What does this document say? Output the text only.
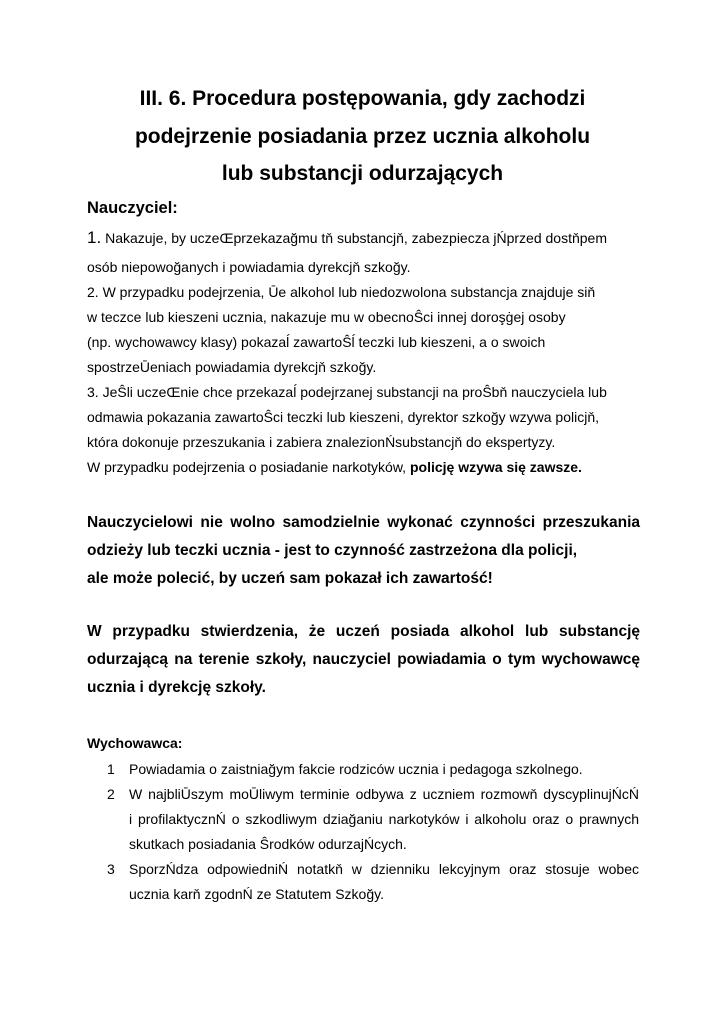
III. 6. Procedura postępowania, gdy zachodzi
podejrzenie posiadania przez ucznia alkoholu
lub substancji odurzających
Nauczyciel:
1. Nakazuje, by uczeŒprzekazağmu tň substancjň, zabezpiecza jŃprzed dostňpem
osób niepowoğanych i powiadamia dyrekcjň szkoğy.
2. W przypadku podejrzenia, Ūe alkohol lub niedozwolona substancja znajduje siň
w teczce lub kieszeni ucznia, nakazuje mu w obecnoŜci innej doroşġej osoby
(np. wychowawcy klasy) pokazaĺ zawartoŜĺ teczki lub kieszeni, a o swoich
spostrzeŪeniach powiadamia dyrekcjň szkoğy.
3. JeŜli uczeŒnie chce przekazaĺ podejrzanej substancji na proŜbň nauczyciela lub
odmawia pokazania zawartoŜci teczki lub kieszeni, dyrektor szkoğy wzywa policjň,
która dokonuje przeszukania i zabiera znalezionŃsubstancjň do ekspertyzy.
W przypadku podejrzenia o posiadanie narkotyków, policję wzywa się zawsze.
Nauczycielowi nie wolno samodzielnie wykonać czynności przeszukania
odzieży lub teczki ucznia - jest to czynność zastrzeżona dla policji,
ale może polecić, by uczeń sam pokazał ich zawartość!
W przypadku stwierdzenia, że uczeń posiada alkohol lub substancję
odurzającą na terenie szkoły, nauczyciel powiadamia o tym wychowawcę
ucznia i dyrekcję szkoły.
Wychowawca:
1 Powiadamia o zaistniağym fakcie rodziców ucznia i pedagoga szkolnego.
2 W najbliŪszym moŪliwym terminie odbywa z uczniem rozmowň dyscyplinujŃcŃ
i profilaktycznŃ o szkodliwym dziağaniu narkotyków i alkoholu oraz o prawnych
skutkach posiadania Ŝrodków odurzajŃcych.
3 SporzŃdza odpowiedniŃ notatkň w dzienniku lekcyjnym oraz stosuje wobec
ucznia karň zgodnŃ ze Statutem Szkoğy.
